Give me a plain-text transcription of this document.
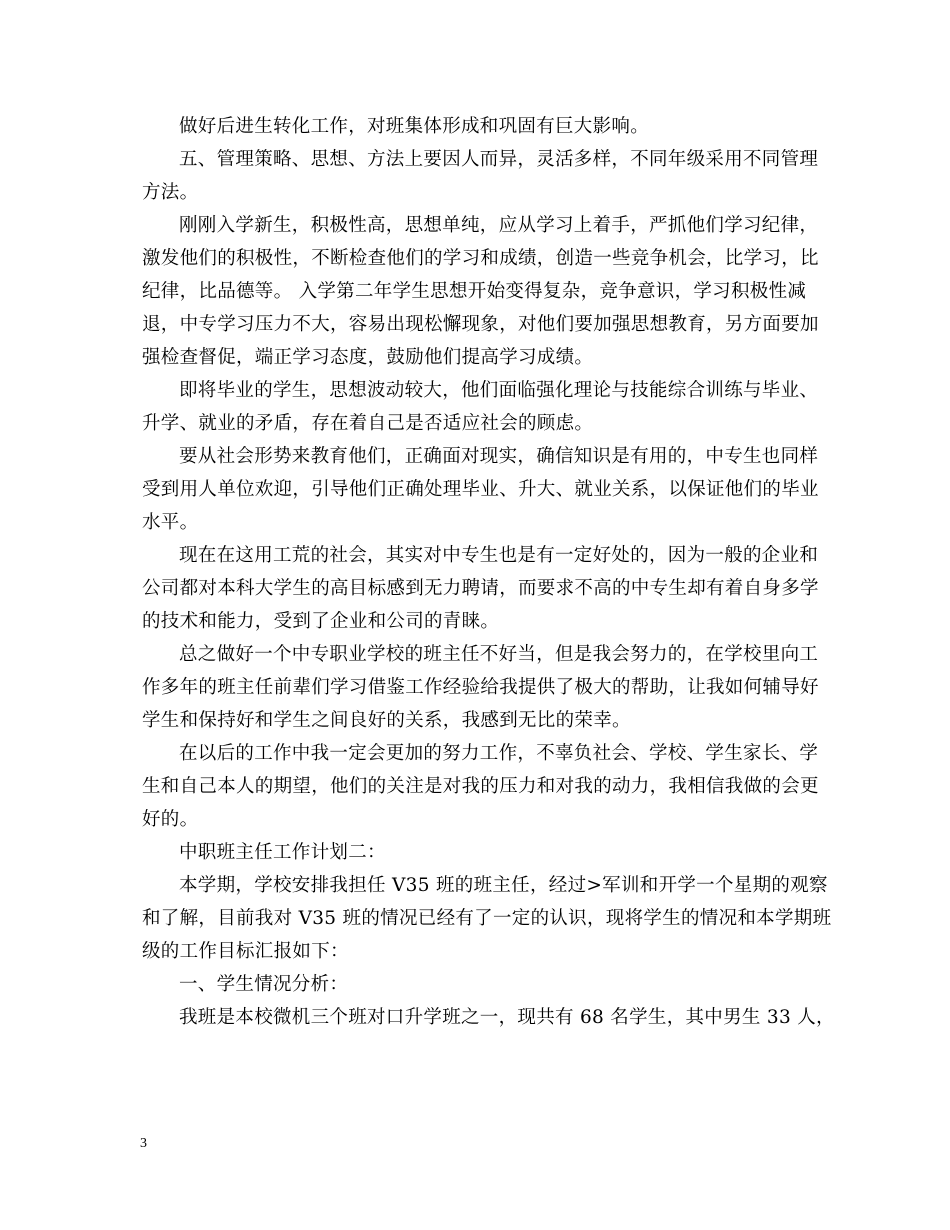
做好后进生转化工作，对班集体形成和巩固有巨大影响。

五、管理策略、思想、方法上要因人而异，灵活多样，不同年级采用不同管理
方法。

刚刚入学新生，积极性高，思想单纯，应从学习上着手，严抓他们学习纪律，
激发他们的积极性，不断检查他们的学习和成绩，创造一些竞争机会，比学习，比
纪律，比品德等。 入学第二年学生思想开始变得复杂，竞争意识，学习积极性减
退，中专学习压力不大，容易出现松懈现象，对他们要加强思想教育，另方面要加
强检查督促，端正学习态度，鼓励他们提高学习成绩。

即将毕业的学生，思想波动较大，他们面临强化理论与技能综合训练与毕业、
升学、就业的矛盾，存在着自己是否适应社会的顾虑。

要从社会形势来教育他们，正确面对现实，确信知识是有用的，中专生也同样
受到用人单位欢迎，引导他们正确处理毕业、升大、就业关系，以保证他们的毕业
水平。

现在在这用工荒的社会，其实对中专生也是有一定好处的，因为一般的企业和
公司都对本科大学生的高目标感到无力聘请，而要求不高的中专生却有着自身多学
的技术和能力，受到了企业和公司的青睐。

总之做好一个中专职业学校的班主任不好当，但是我会努力的，在学校里向工
作多年的班主任前辈们学习借鉴工作经验给我提供了极大的帮助，让我如何辅导好
学生和保持好和学生之间良好的关系，我感到无比的荣幸。

在以后的工作中我一定会更加的努力工作，不辜负社会、学校、学生家长、学
生和自己本人的期望，他们的关注是对我的压力和对我的动力，我相信我做的会更
好的。

中职班主任工作计划二：

本学期，学校安排我担任 V35 班的班主任，经过>军训和开学一个星期的观察
和了解，目前我对 V35 班的情况已经有了一定的认识，现将学生的情况和本学期班
级的工作目标汇报如下：

一、学生情况分析：

我班是本校微机三个班对口升学班之一，现共有 68 名学生，其中男生 33 人，

3
